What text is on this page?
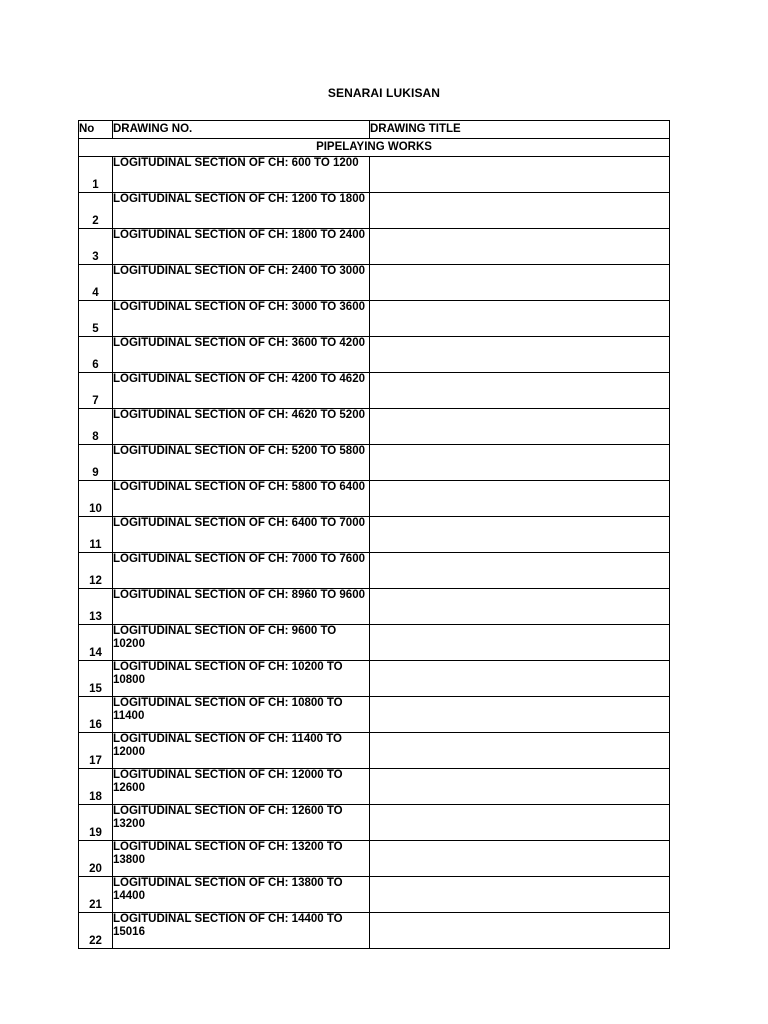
SENARAI LUKISAN
No	DRAWING NO.	DRAWING TITLE
PIPELAYING WORKS		
1	LOGITUDINAL SECTION OF CH: 600 TO 1200	
2	LOGITUDINAL SECTION OF CH: 1200 TO 1800	
3	LOGITUDINAL SECTION OF CH: 1800 TO 2400	
4	LOGITUDINAL SECTION OF CH: 2400 TO 3000	
5	LOGITUDINAL SECTION OF CH: 3000 TO 3600	
6	LOGITUDINAL SECTION OF CH: 3600 TO 4200	
7	LOGITUDINAL SECTION OF CH: 4200 TO 4620	
8	LOGITUDINAL SECTION OF CH: 4620 TO 5200	
9	LOGITUDINAL SECTION OF CH: 5200 TO 5800	
10	LOGITUDINAL SECTION OF CH: 5800 TO 6400	
11	LOGITUDINAL SECTION OF CH: 6400 TO 7000	
12	LOGITUDINAL SECTION OF CH: 7000 TO 7600	
13	LOGITUDINAL SECTION OF CH: 8960 TO 9600	
14	LOGITUDINAL SECTION OF CH: 9600 TO 10200	
15	LOGITUDINAL SECTION OF CH: 10200 TO 10800	
16	LOGITUDINAL SECTION OF CH: 10800 TO 11400	
17	LOGITUDINAL SECTION OF CH: 11400 TO 12000	
18	LOGITUDINAL SECTION OF CH: 12000 TO 12600	
19	LOGITUDINAL SECTION OF CH: 12600 TO 13200	
20	LOGITUDINAL SECTION OF CH: 13200 TO 13800	
21	LOGITUDINAL SECTION OF CH: 13800 TO 14400	
22	LOGITUDINAL SECTION OF CH: 14400 TO 15016	
